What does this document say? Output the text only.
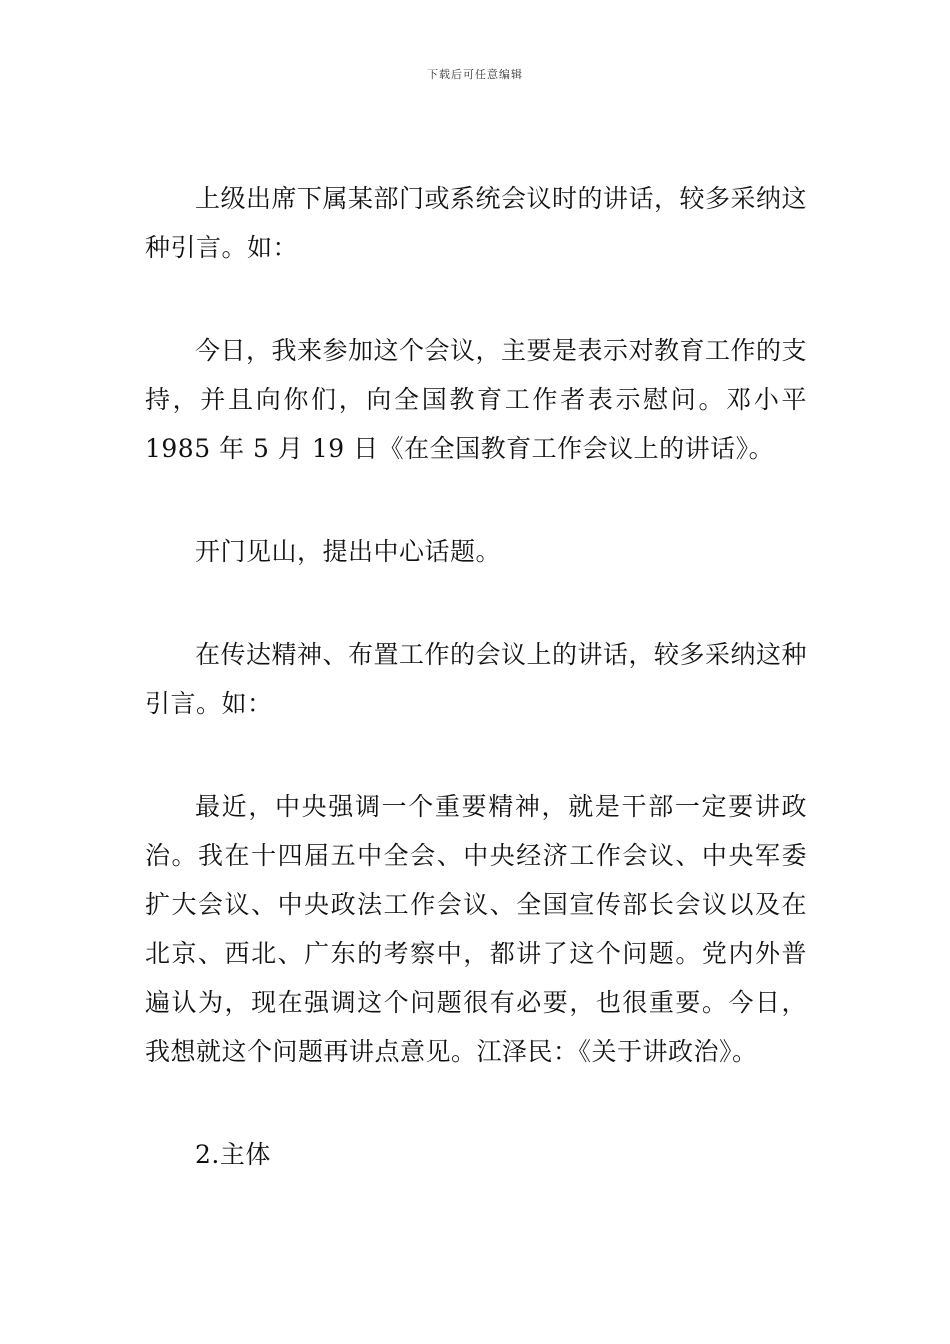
下载后可任意编辑

上级出席下属某部门或系统会议时的讲话，较多采纳这种引言。如：

今日，我来参加这个会议，主要是表示对教育工作的支持，并且向你们，向全国教育工作者表示慰问。邓小平 1985 年 5 月 19 日《在全国教育工作会议上的讲话》。

开门见山，提出中心话题。

在传达精神、布置工作的会议上的讲话，较多采纳这种引言。如：

最近，中央强调一个重要精神，就是干部一定要讲政治。我在十四届五中全会、中央经济工作会议、中央军委扩大会议、中央政法工作会议、全国宣传部长会议以及在北京、西北、广东的考察中，都讲了这个问题。党内外普遍认为，现在强调这个问题很有必要，也很重要。今日，我想就这个问题再讲点意见。江泽民：《关于讲政治》。

2.主体
